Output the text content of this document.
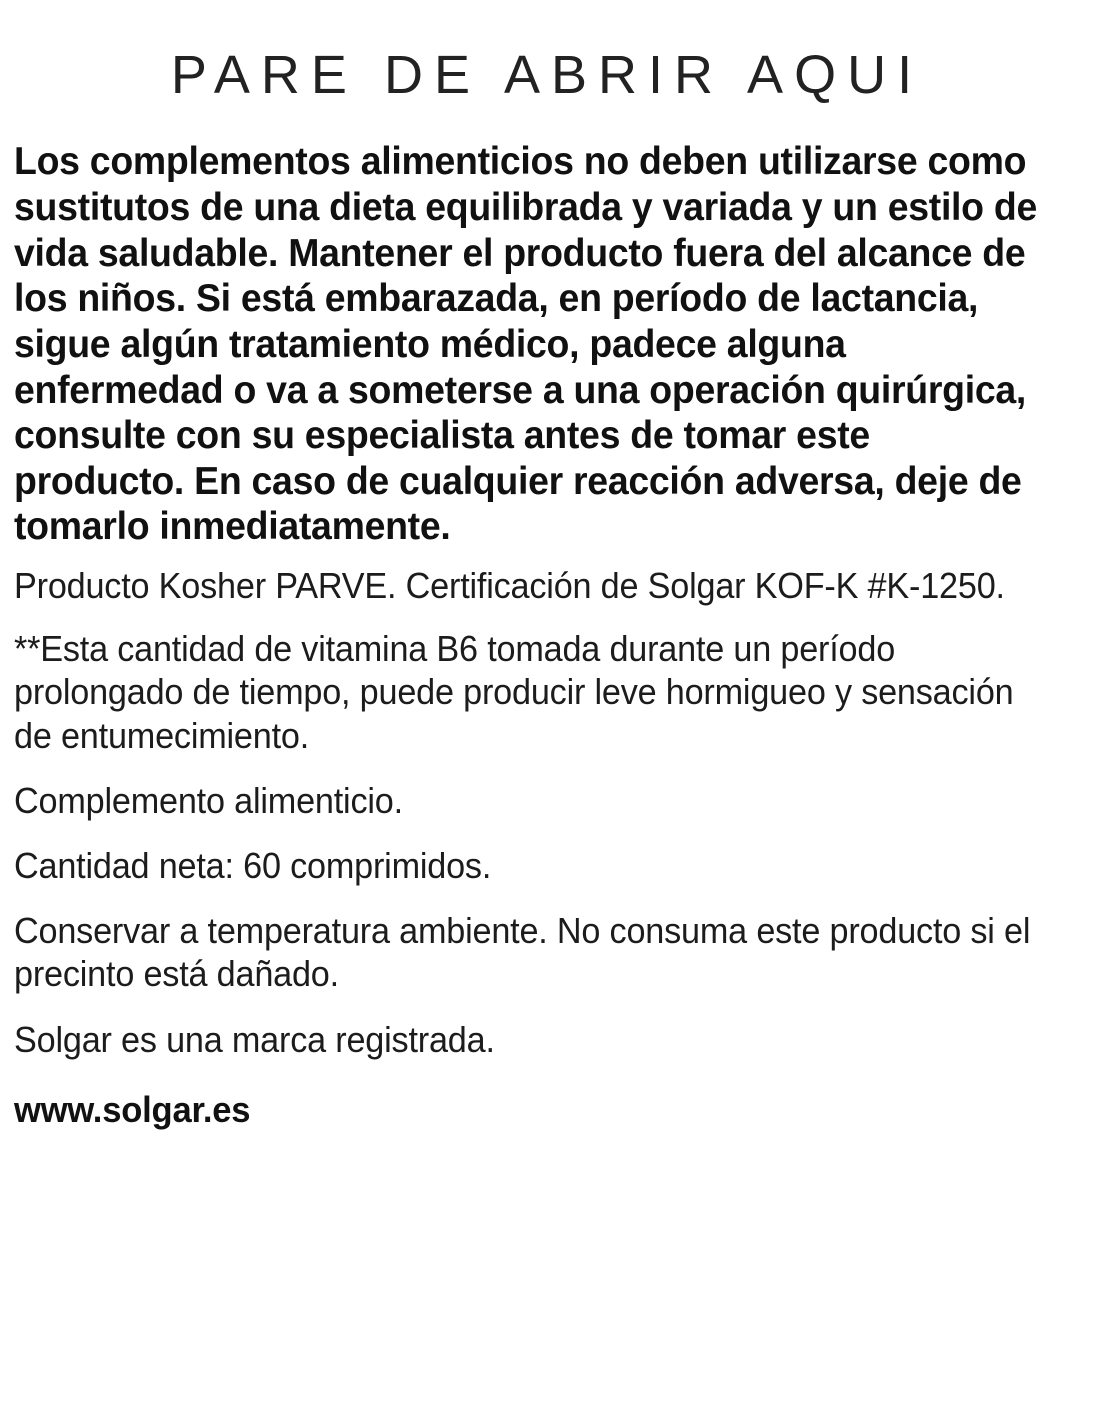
PARE DE ABRIR AQUI

Los complementos alimenticios no deben utilizarse como sustitutos de una dieta equilibrada y variada y un estilo de vida saludable. Mantener el producto fuera del alcance de los niños. Si está embarazada, en período de lactancia, sigue algún tratamiento médico, padece alguna enfermedad o va a someterse a una operación quirúrgica, consulte con su especialista antes de tomar este producto. En caso de cualquier reacción adversa, deje de tomarlo inmediatamente.

Producto Kosher PARVE. Certificación de Solgar KOF-K #K-1250.

**Esta cantidad de vitamina B6 tomada durante un período prolongado de tiempo, puede producir leve hormigueo y sensación de entumecimiento.

Complemento alimenticio.

Cantidad neta: 60 comprimidos.

Conservar a temperatura ambiente. No consuma este producto si el precinto está dañado.

Solgar es una marca registrada.

www.solgar.es
